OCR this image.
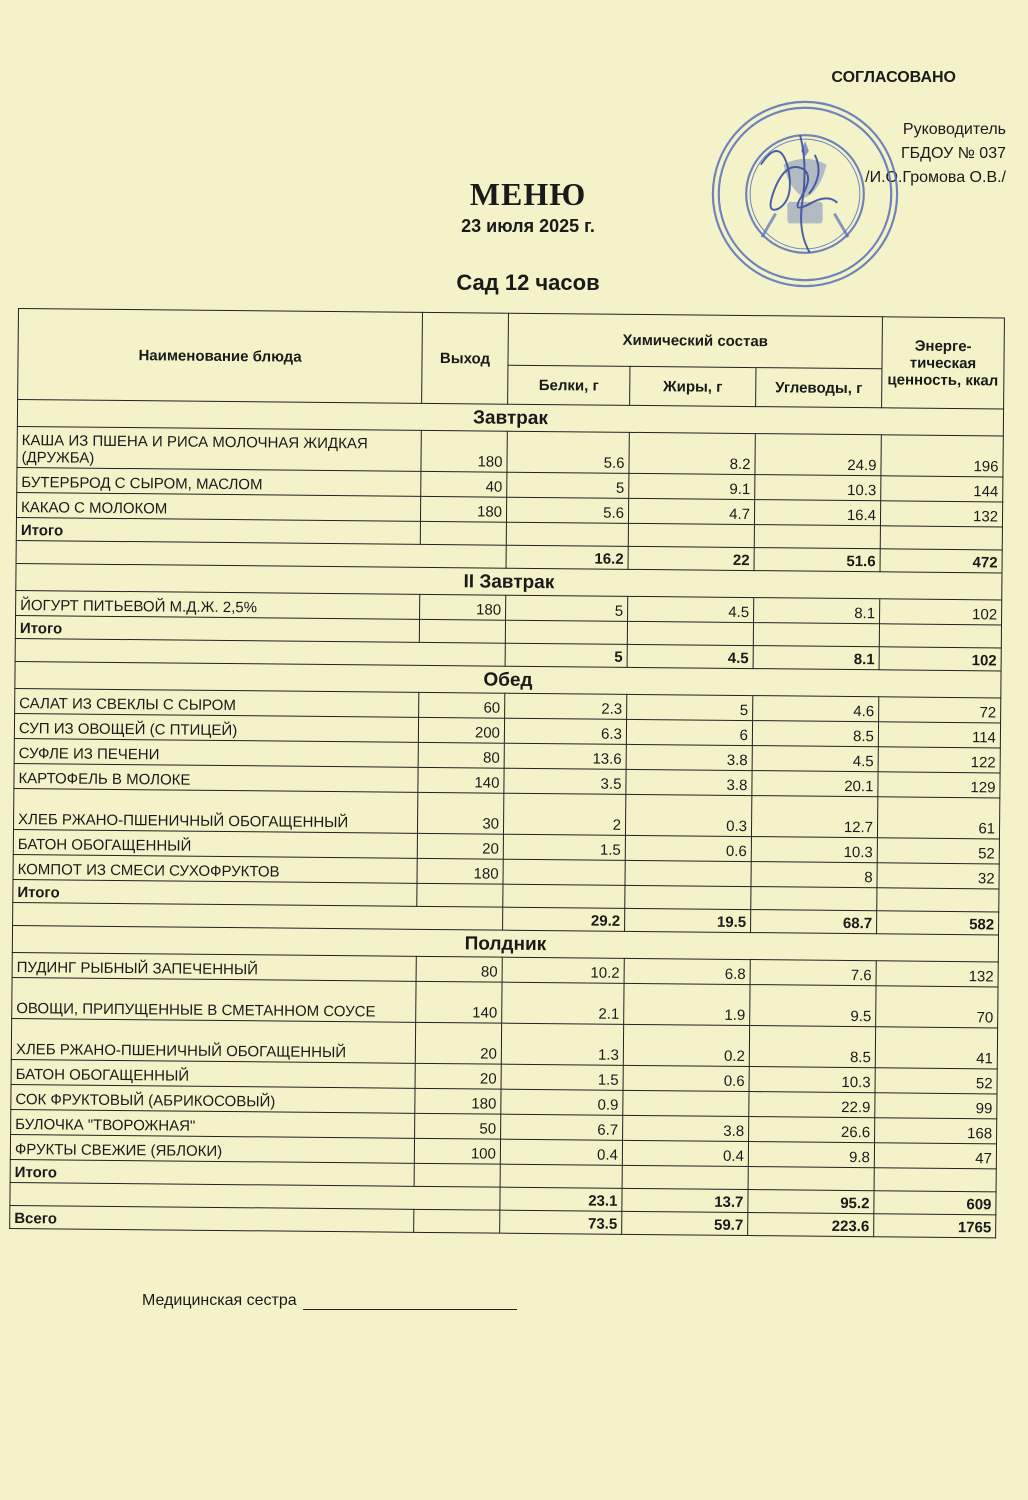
СОГЛАСОВАНО
Руководитель
ГБДОУ № 037
/И.О.Громова О.В./
МЕНЮ
23 июля 2025 г.
Сад 12 часов
Наименование блюда	Выход	Химический состав			Энерге-тическая ценность, ккал
		Белки, г	Жиры, г	Углеводы, г	
Завтрак					
КАША ИЗ ПШЕНА И РИСА МОЛОЧНАЯ ЖИДКАЯ (ДРУЖБА)	180	5.6	8.2	24.9	196
БУТЕРБРОД С СЫРОМ, МАСЛОМ	40	5	9.1	10.3	144
КАКАО С МОЛОКОМ	180	5.6	4.7	16.4	132
Итого					
		16.2	22	51.6	472
II Завтрак					
ЙОГУРТ ПИТЬЕВОЙ М.Д.Ж. 2,5%	180	5	4.5	8.1	102
Итого					
		5	4.5	8.1	102
Обед					
САЛАТ ИЗ СВЕКЛЫ С СЫРОМ	60	2.3	5	4.6	72
СУП ИЗ ОВОЩЕЙ (С ПТИЦЕЙ)	200	6.3	6	8.5	114
СУФЛЕ ИЗ ПЕЧЕНИ	80	13.6	3.8	4.5	122
КАРТОФЕЛЬ В МОЛОКЕ	140	3.5	3.8	20.1	129
ХЛЕБ РЖАНО-ПШЕНИЧНЫЙ ОБОГАЩЕННЫЙ	30	2	0.3	12.7	61
БАТОН ОБОГАЩЕННЫЙ	20	1.5	0.6	10.3	52
КОМПОТ ИЗ СМЕСИ СУХОФРУКТОВ	180			8	32
Итого					
		29.2	19.5	68.7	582
Полдник					
ПУДИНГ РЫБНЫЙ ЗАПЕЧЕННЫЙ	80	10.2	6.8	7.6	132
ОВОЩИ, ПРИПУЩЕННЫЕ В СМЕТАННОМ СОУСЕ	140	2.1	1.9	9.5	70
ХЛЕБ РЖАНО-ПШЕНИЧНЫЙ ОБОГАЩЕННЫЙ	20	1.3	0.2	8.5	41
БАТОН ОБОГАЩЕННЫЙ	20	1.5	0.6	10.3	52
СОК ФРУКТОВЫЙ (АБРИКОСОВЫЙ)	180	0.9		22.9	99
БУЛОЧКА "ТВОРОЖНАЯ"	50	6.7	3.8	26.6	168
ФРУКТЫ СВЕЖИЕ (ЯБЛОКИ)	100	0.4	0.4	9.8	47
Итого					
		23.1	13.7	95.2	609
Всего		73.5	59.7	223.6	1765
Медицинская сестра
